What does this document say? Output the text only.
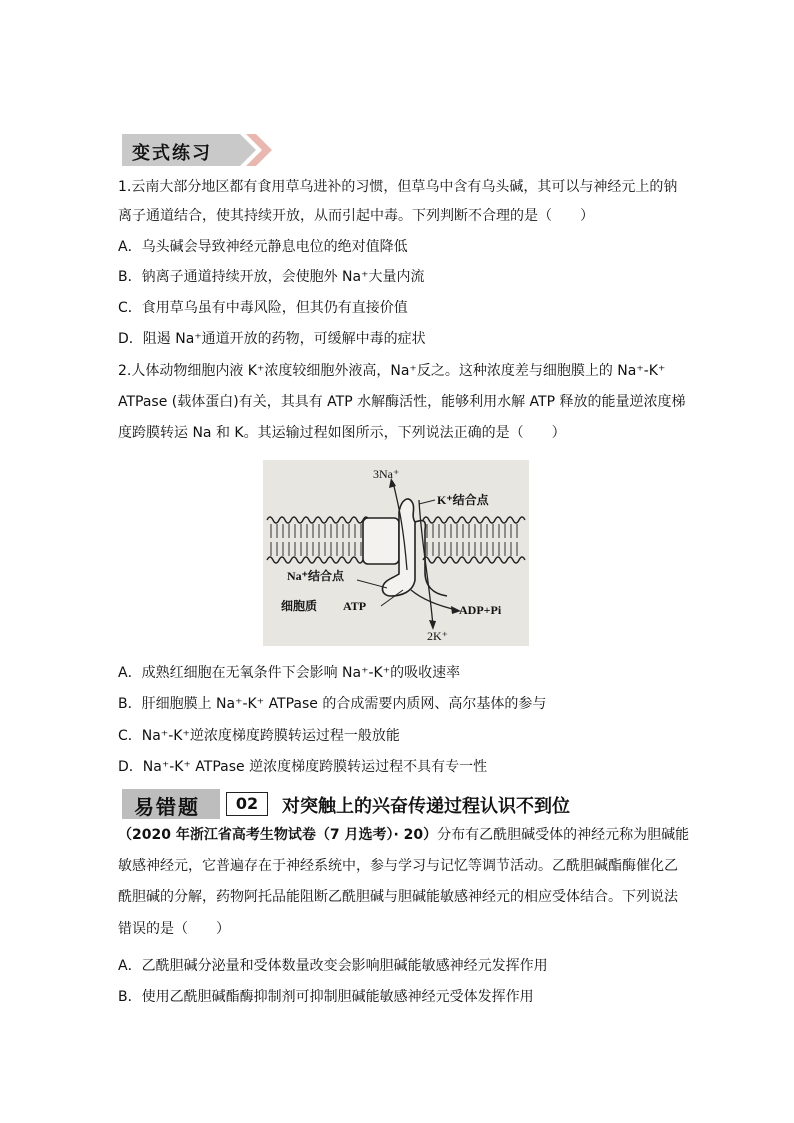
变式练习
1.云南大部分地区都有食用草乌进补的习惯，但草乌中含有乌头碱，其可以与神经元上的钠
离子通道结合，使其持续开放，从而引起中毒。下列判断不合理的是（　　）
A．乌头碱会导致神经元静息电位的绝对值降低
B．钠离子通道持续开放，会使胞外 Na⁺大量内流
C．食用草乌虽有中毒风险，但其仍有直接价值
D．阻遏 Na⁺通道开放的药物，可缓解中毒的症状
2.人体动物细胞内液 K⁺浓度较细胞外液高，Na⁺反之。这种浓度差与细胞膜上的 Na⁺-K⁺
ATPase (载体蛋白)有关，其具有 ATP 水解酶活性，能够利用水解 ATP 释放的能量逆浓度梯
度跨膜转运 Na 和 K。其运输过程如图所示，下列说法正确的是（　　）
3Na⁺
K⁺结合点
Na⁺结合点
细胞质 ATP	ADP+Pi
2K⁺
A．成熟红细胞在无氧条件下会影响 Na⁺-K⁺的吸收速率
B．肝细胞膜上 Na⁺-K⁺ ATPase 的合成需要内质网、高尔基体的参与
C．Na⁺-K⁺逆浓度梯度跨膜转运过程一般放能
D．Na⁺-K⁺ ATPase 逆浓度梯度跨膜转运过程不具有专一性
易错题	02	对突触上的兴奋传递过程认识不到位
（2020 年浙江省高考生物试卷（7 月选考）· 20）分布有乙酰胆碱受体的神经元称为胆碱能
敏感神经元，它普遍存在于神经系统中，参与学习与记忆等调节活动。乙酰胆碱酯酶催化乙
酰胆碱的分解，药物阿托品能阻断乙酰胆碱与胆碱能敏感神经元的相应受体结合。下列说法
错误的是（　　）
A．乙酰胆碱分泌量和受体数量改变会影响胆碱能敏感神经元发挥作用
B．使用乙酰胆碱酯酶抑制剂可抑制胆碱能敏感神经元受体发挥作用
